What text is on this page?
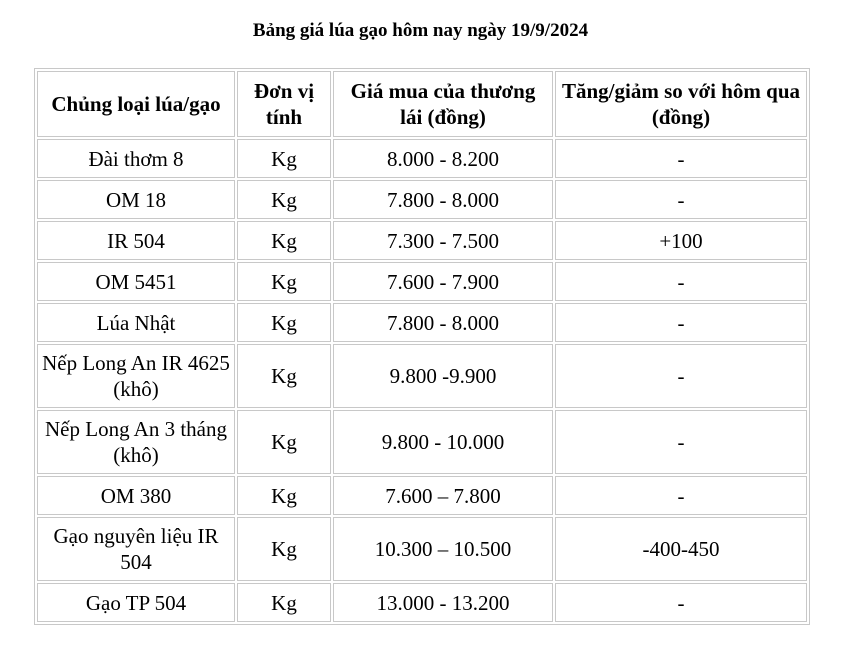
Bảng giá lúa gạo hôm nay ngày 19/9/2024
Chủng loại lúa/gạo	Đơn vị tính	Giá mua của thương lái (đồng)	Tăng/giảm so với hôm qua (đồng)
Đài thơm 8	Kg	8.000 - 8.200	-
OM 18	Kg	7.800 - 8.000	-
IR 504	Kg	7.300 - 7.500	+100
OM 5451	Kg	7.600 - 7.900	-
Lúa Nhật	Kg	7.800 - 8.000	-
Nếp Long An IR 4625 (khô)	Kg	9.800 -9.900	-
Nếp Long An 3 tháng (khô)	Kg	9.800 - 10.000	-
OM 380	Kg	7.600 – 7.800	-
Gạo nguyên liệu IR 504	Kg	10.300 – 10.500	-400-450
Gạo TP 504	Kg	13.000 - 13.200	-
